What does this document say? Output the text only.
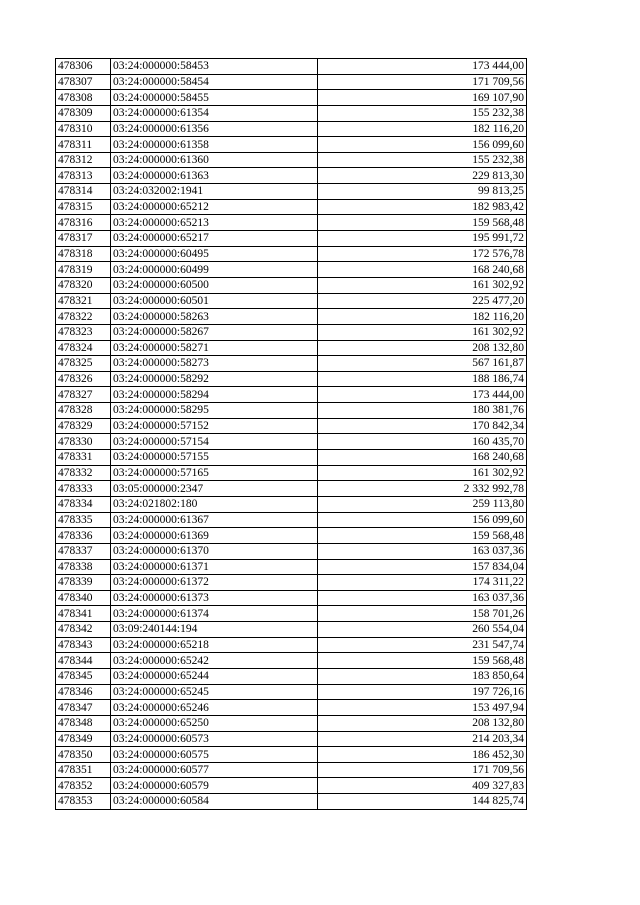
478306	03:24:000000:58453	173 444,00
478307	03:24:000000:58454	171 709,56
478308	03:24:000000:58455	169 107,90
478309	03:24:000000:61354	155 232,38
478310	03:24:000000:61356	182 116,20
478311	03:24:000000:61358	156 099,60
478312	03:24:000000:61360	155 232,38
478313	03:24:000000:61363	229 813,30
478314	03:24:032002:1941	99 813,25
478315	03:24:000000:65212	182 983,42
478316	03:24:000000:65213	159 568,48
478317	03:24:000000:65217	195 991,72
478318	03:24:000000:60495	172 576,78
478319	03:24:000000:60499	168 240,68
478320	03:24:000000:60500	161 302,92
478321	03:24:000000:60501	225 477,20
478322	03:24:000000:58263	182 116,20
478323	03:24:000000:58267	161 302,92
478324	03:24:000000:58271	208 132,80
478325	03:24:000000:58273	567 161,87
478326	03:24:000000:58292	188 186,74
478327	03:24:000000:58294	173 444,00
478328	03:24:000000:58295	180 381,76
478329	03:24:000000:57152	170 842,34
478330	03:24:000000:57154	160 435,70
478331	03:24:000000:57155	168 240,68
478332	03:24:000000:57165	161 302,92
478333	03:05:000000:2347	2 332 992,78
478334	03:24:021802:180	259 113,80
478335	03:24:000000:61367	156 099,60
478336	03:24:000000:61369	159 568,48
478337	03:24:000000:61370	163 037,36
478338	03:24:000000:61371	157 834,04
478339	03:24:000000:61372	174 311,22
478340	03:24:000000:61373	163 037,36
478341	03:24:000000:61374	158 701,26
478342	03:09:240144:194	260 554,04
478343	03:24:000000:65218	231 547,74
478344	03:24:000000:65242	159 568,48
478345	03:24:000000:65244	183 850,64
478346	03:24:000000:65245	197 726,16
478347	03:24:000000:65246	153 497,94
478348	03:24:000000:65250	208 132,80
478349	03:24:000000:60573	214 203,34
478350	03:24:000000:60575	186 452,30
478351	03:24:000000:60577	171 709,56
478352	03:24:000000:60579	409 327,83
478353	03:24:000000:60584	144 825,74
